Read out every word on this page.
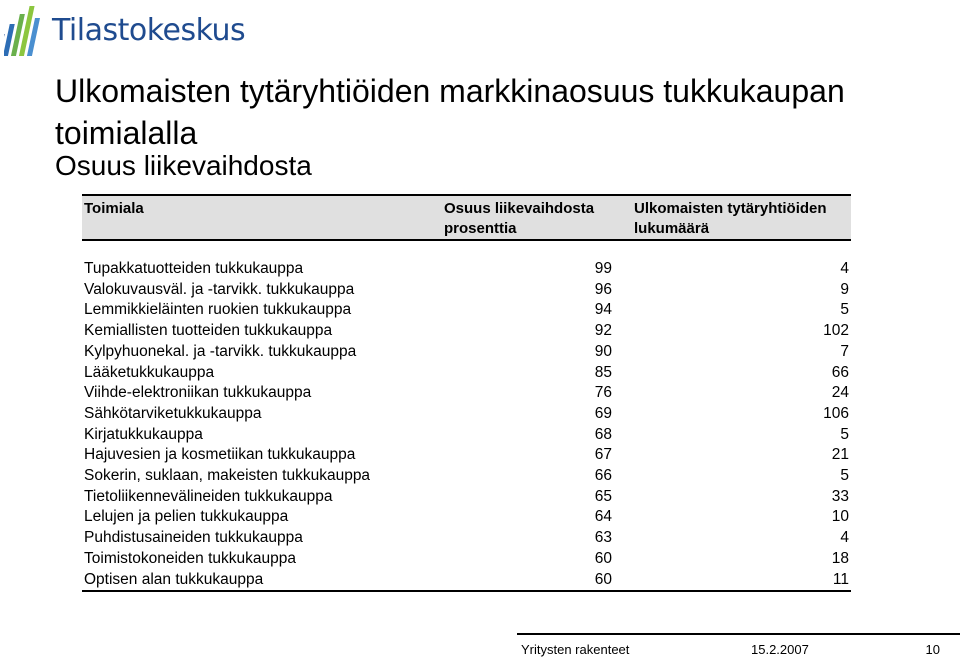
Tilastokeskus
Ulkomaisten tytäryhtiöiden markkinaosuus tukkukaupan toimialalla
Osuus liikevaihdosta
Toimiala	Osuus liikevaihdosta prosenttia	Ulkomaisten tytäryhtiöiden lukumäärä

Tupakkatuotteiden tukkukauppa	99	4
Valokuvausväl. ja -tarvikk. tukkukauppa	96	9
Lemmikkieläinten ruokien tukkukauppa	94	5
Kemiallisten tuotteiden tukkukauppa	92	102
Kylpyhuonekal. ja -tarvikk. tukkukauppa	90	7
Lääketukkukauppa	85	66
Viihde-elektroniikan tukkukauppa	76	24
Sähkötarviketukkukauppa	69	106
Kirjatukkukauppa	68	5
Hajuvesien ja kosmetiikan tukkukauppa	67	21
Sokerin, suklaan, makeisten tukkukauppa	66	5
Tietoliikennevälineiden tukkukauppa	65	33
Lelujen ja pelien tukkukauppa	64	10
Puhdistusaineiden tukkukauppa	63	4
Toimistokoneiden tukkukauppa	60	18
Optisen alan tukkukauppa	60	11
Yritysten rakenteet	15.2.2007	10
